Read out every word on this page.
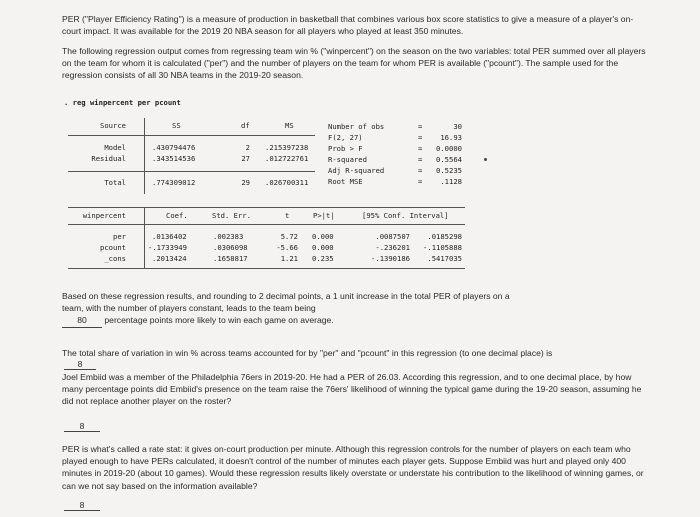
PER ("Player Efficiency Rating") is a measure of production in basketball that combines various box score statistics to give a measure of a player's on-court impact. It was available for the 2019 20 NBA season for all players who played at least 350 minutes.
The following regression output comes from regressing team win % ("winpercent") on the season on the two variables: total PER summed over all players on the team for whom it is calculated ("per") and the number of players on the team for whom PER is available ("pcount"). The sample used for the regression consists of all 30 NBA teams in the 2019-20 season.
. reg winpercent per pcount
Source	SS	df	MS
Model	.430794476	2 .215397238
Residual	.343514536	27 .012722761
Total	.774309012	29 .026700311
Number of obs	=	30
F(2, 27)	=	16.93
Prob > F	=	0.0000
R-squared	=	0.5564
Adj R-squared	=	0.5235
Root MSE	=	.1128
winpercent	Coef.	Std. Err.	t	P>|t|	[95% Conf. Interval]
per	.0136402	.002383	5.72 0.000	.0087507	.0185298
pcount	-.1733949	.0306098	-5.66 0.000	-.236201	-.1105888
_cons	.2013424	.1658817	1.21 0.235	-.1390186	.5417035
Based on these regression results, and rounding to 2 decimal points, a 1 unit increase in the total PER of players on a team, with the number of players constant, leads to the team being
80 percentage points more likely to win each game on average.
The total share of variation in win % across teams accounted for by "per" and "pcount" in this regression (to one decimal place) is
8
Joel Embiid was a member of the Philadelphia 76ers in 2019-20. He had a PER of 26.03. According this regression, and to one decimal place, by how many percentage points did Embiid's presence on the team raise the 76ers' likelihood of winning the typical game during the 19-20 season, assuming he did not replace another player on the roster?
8
PER is what's called a rate stat: it gives on-court production per minute. Although this regression controls for the number of players on each team who played enough to have PERs calculated, it doesn't control of the number of minutes each player gets. Suppose Embiid was hurt and played only 400 minutes in 2019-20 (about 10 games). Would these regression results likely overstate or understate his contribution to the likelihood of winning games, or can we not say based on the information available?
8
